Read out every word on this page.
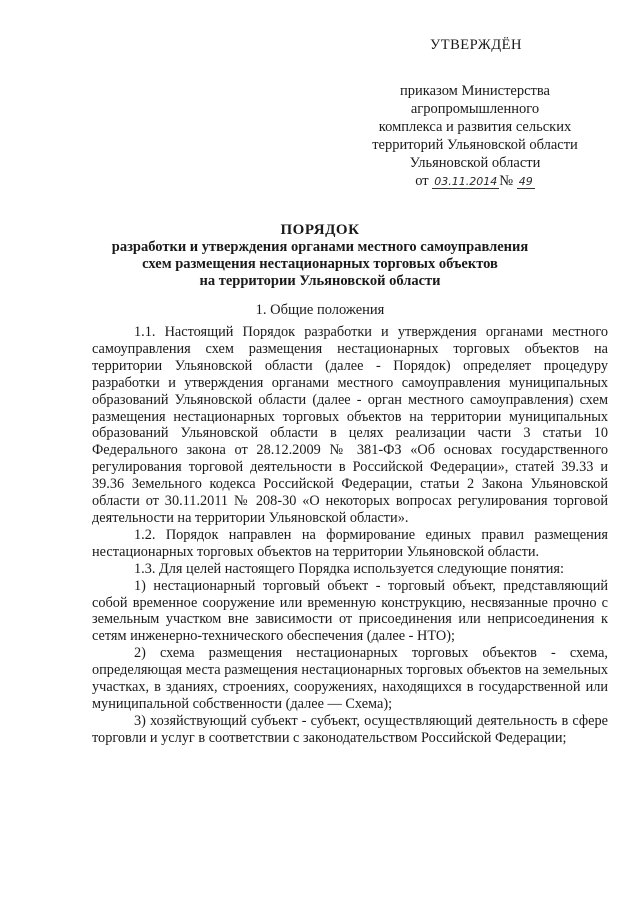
УТВЕРЖДЁН
приказом Министерства
агропромышленного
комплекса и развития сельских
территорий Ульяновской области
Ульяновской области
от 03.11.2014 № 49
ПОРЯДОК
разработки и утверждения органами местного самоуправления
схем размещения нестационарных торговых объектов
на территории Ульяновской области
1. Общие положения

1.1. Настоящий Порядок разработки и утверждения органами местного самоуправления схем размещения нестационарных торговых объектов на территории Ульяновской области (далее - Порядок) определяет процедуру разработки и утверждения органами местного самоуправления муниципальных образований Ульяновской области (далее - орган местного самоуправления) схем размещения нестационарных торговых объектов на территории муниципальных образований Ульяновской области в целях реализации части 3 статьи 10 Федерального закона от 28.12.2009 № 381-ФЗ «Об основах государственного регулирования торговой деятельности в Российской Федерации», статей 39.33 и 39.36 Земельного кодекса Российской Федерации, статьи 2 Закона Ульяновской области от 30.11.2011 № 208-30 «О некоторых вопросах регулирования торговой деятельности на территории Ульяновской области».

1.2. Порядок направлен на формирование единых правил размещения нестационарных торговых объектов на территории Ульяновской области.

1.3. Для целей настоящего Порядка используется следующие понятия:

1) нестационарный торговый объект - торговый объект, представляющий собой временное сооружение или временную конструкцию, несвязанные прочно с земельным участком вне зависимости от присоединения или неприсоединения к сетям инженерно-технического обеспечения (далее - НТО);

2) схема размещения нестационарных торговых объектов - схема, определяющая места размещения нестационарных торговых объектов на земельных участках, в зданиях, строениях, сооружениях, находящихся в государственной или муниципальной собственности (далее — Схема);

3) хозяйствующий субъект - субъект, осуществляющий деятельность в сфере торговли и услуг в соответствии с законодательством Российской Федерации;
